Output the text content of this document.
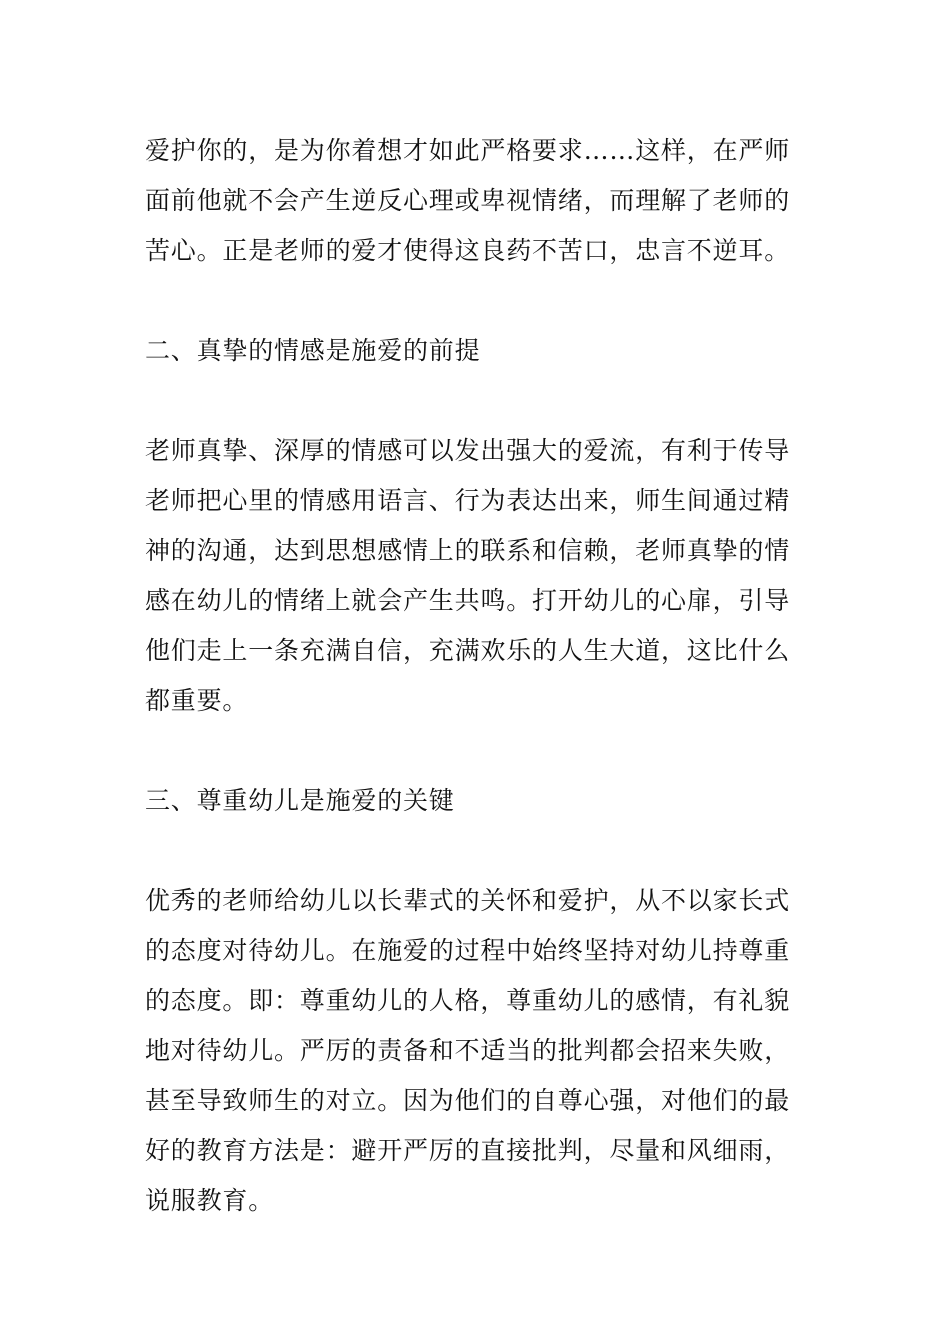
爱护你的，是为你着想才如此严格要求……这样，在严师
面前他就不会产生逆反心理或卑视情绪，而理解了老师的
苦心。正是老师的爱才使得这良药不苦口，忠言不逆耳。
二、真挚的情感是施爱的前提
老师真挚、深厚的情感可以发出强大的爱流，有利于传导
老师把心里的情感用语言、行为表达出来，师生间通过精
神的沟通，达到思想感情上的联系和信赖，老师真挚的情
感在幼儿的情绪上就会产生共鸣。打开幼儿的心扉，引导
他们走上一条充满自信，充满欢乐的人生大道，这比什么
都重要。
三、尊重幼儿是施爱的关键
优秀的老师给幼儿以长辈式的关怀和爱护，从不以家长式
的态度对待幼儿。在施爱的过程中始终坚持对幼儿持尊重
的态度。即：尊重幼儿的人格，尊重幼儿的感情，有礼貌
地对待幼儿。严厉的责备和不适当的批判都会招来失败，
甚至导致师生的对立。因为他们的自尊心强，对他们的最
好的教育方法是：避开严厉的直接批判，尽量和风细雨，
说服教育。
